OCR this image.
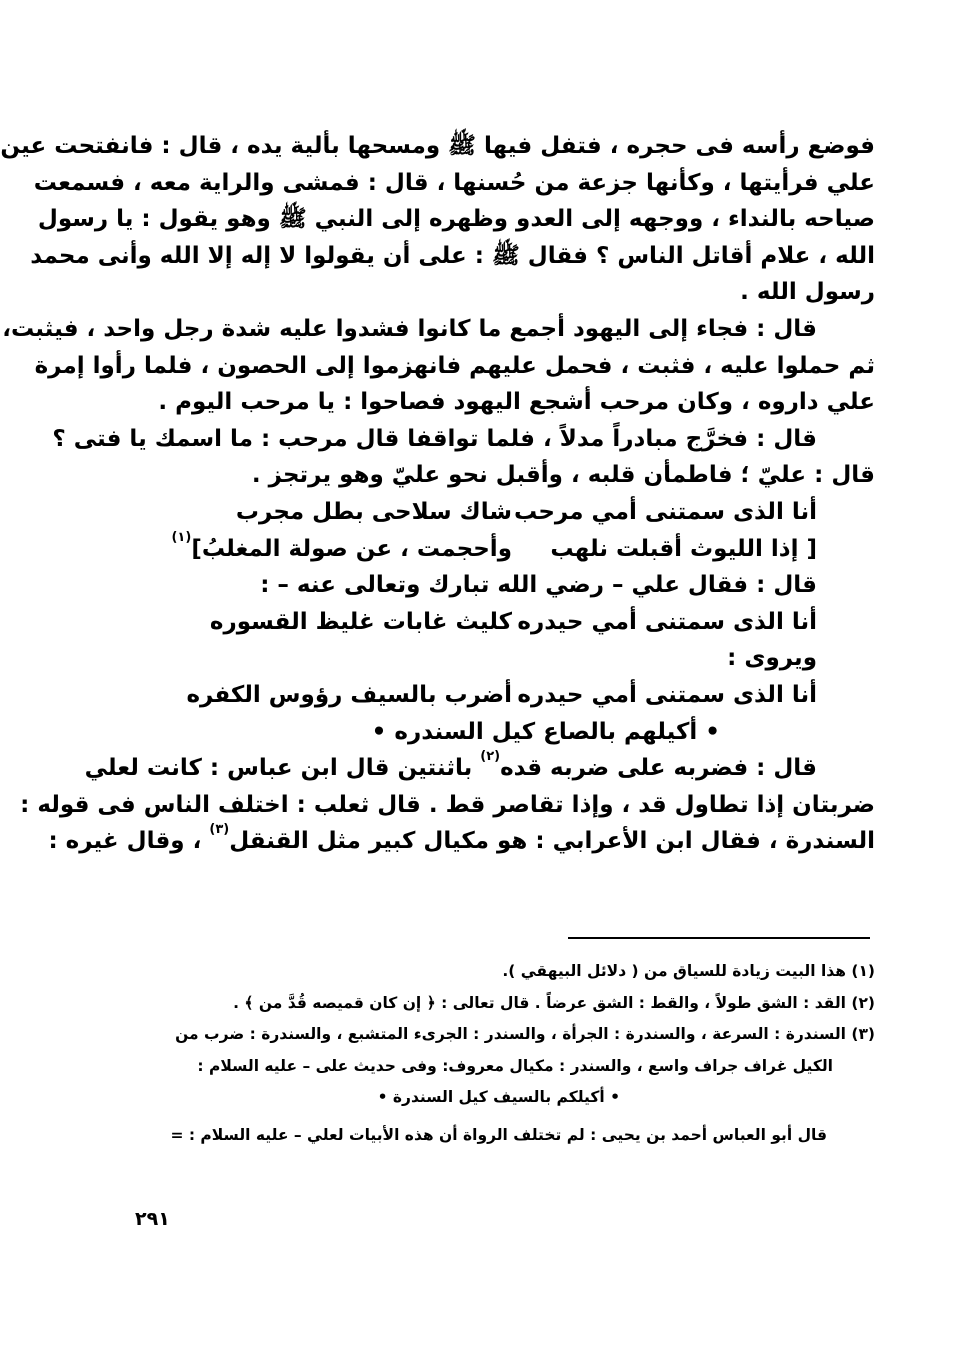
فوضع رأسه فى حجره ، فتفل فيها ﷺ ومسحها بألية يده ، قال : فانفتحت عين
علي فرأيتها ، وكأنها جزعة من حُسنها ، قال : فمشى والراية معه ، فسمعت
صياحه بالنداء ، ووجهه إلى العدو وظهره إلى النبي ﷺ وهو يقول : يا رسول
الله ، علام أقاتل الناس ؟ فقال ﷺ : على أن يقولوا لا إله إلا الله وأنى محمد
رسول الله .
قال : فجاء إلى اليهود أجمع ما كانوا فشدوا عليه شدة رجل واحد ، فيثبت،
ثم حملوا عليه ، فثبت ، فحمل عليهم فانهزموا إلى الحصون ، فلما رأوا إمرة
علي داروه ، وكان مرحب أشجع اليهود فصاحوا : يا مرحب اليوم .
قال : فخرَّج مبادراً مدلاً ، فلما تواقفا قال مرحب : ما اسمك يا فتى ؟
قال : عليّ ؛ فاطمأن قلبه ، وأقبل نحو عليّ وهو يرتجز .
أنا الذى سمتنى أمي مرحب
شاك سلاحى بطل مجرب
[ إذا الليوث أقبلت نلهب
وأحجمت ، عن صولة المغلبُ]$^{(١)}$
قال : فقال علي – رضي الله تبارك وتعالى عنه – :
أنا الذى سمتنى أمي حيدره
كليث غابات غليظ القسوره
ويروى :
أنا الذى سمتنى أمي حيدره
أضرب بالسيف رؤوس الكفره
• أكيلهم بالصاع كيل السندره •
قال : فضربه على ضربه قده$^{(٢)}$ باثنتين قال ابن عباس : كانت لعلي
ضربتان إذا تطاول قد ، وإذا تقاصر قط . قال ثعلب : اختلف الناس فى قوله :
السندرة ، فقال ابن الأعرابي : هو مكيال كبير مثل القنقل$^{(٣)}$ ، وقال غيره :
(١) هذا البيت زيادة للسياق من ( دلائل البيهقي ).
(٢) القد : الشق طولاً ، والقط : الشق عرضاً . قال تعالى : ﴿ إن كان قميصه قُدَّ من ﴾ .
(٣) السندرة : السرعة ، والسندرة : الجرأة ، والسندر : الجرىء المتشبع ، والسندرة : ضرب من
الكيل غراف جراف واسع ، والسندر : مكيال معروف: وفى حديث على – عليه السلام :
• أكيلكم بالسيف كيل السندرة •
قال أبو العباس أحمد بن يحيى : لم تختلف الرواة أن هذه الأبيات لعلي – عليه السلام : =
٢٩١
